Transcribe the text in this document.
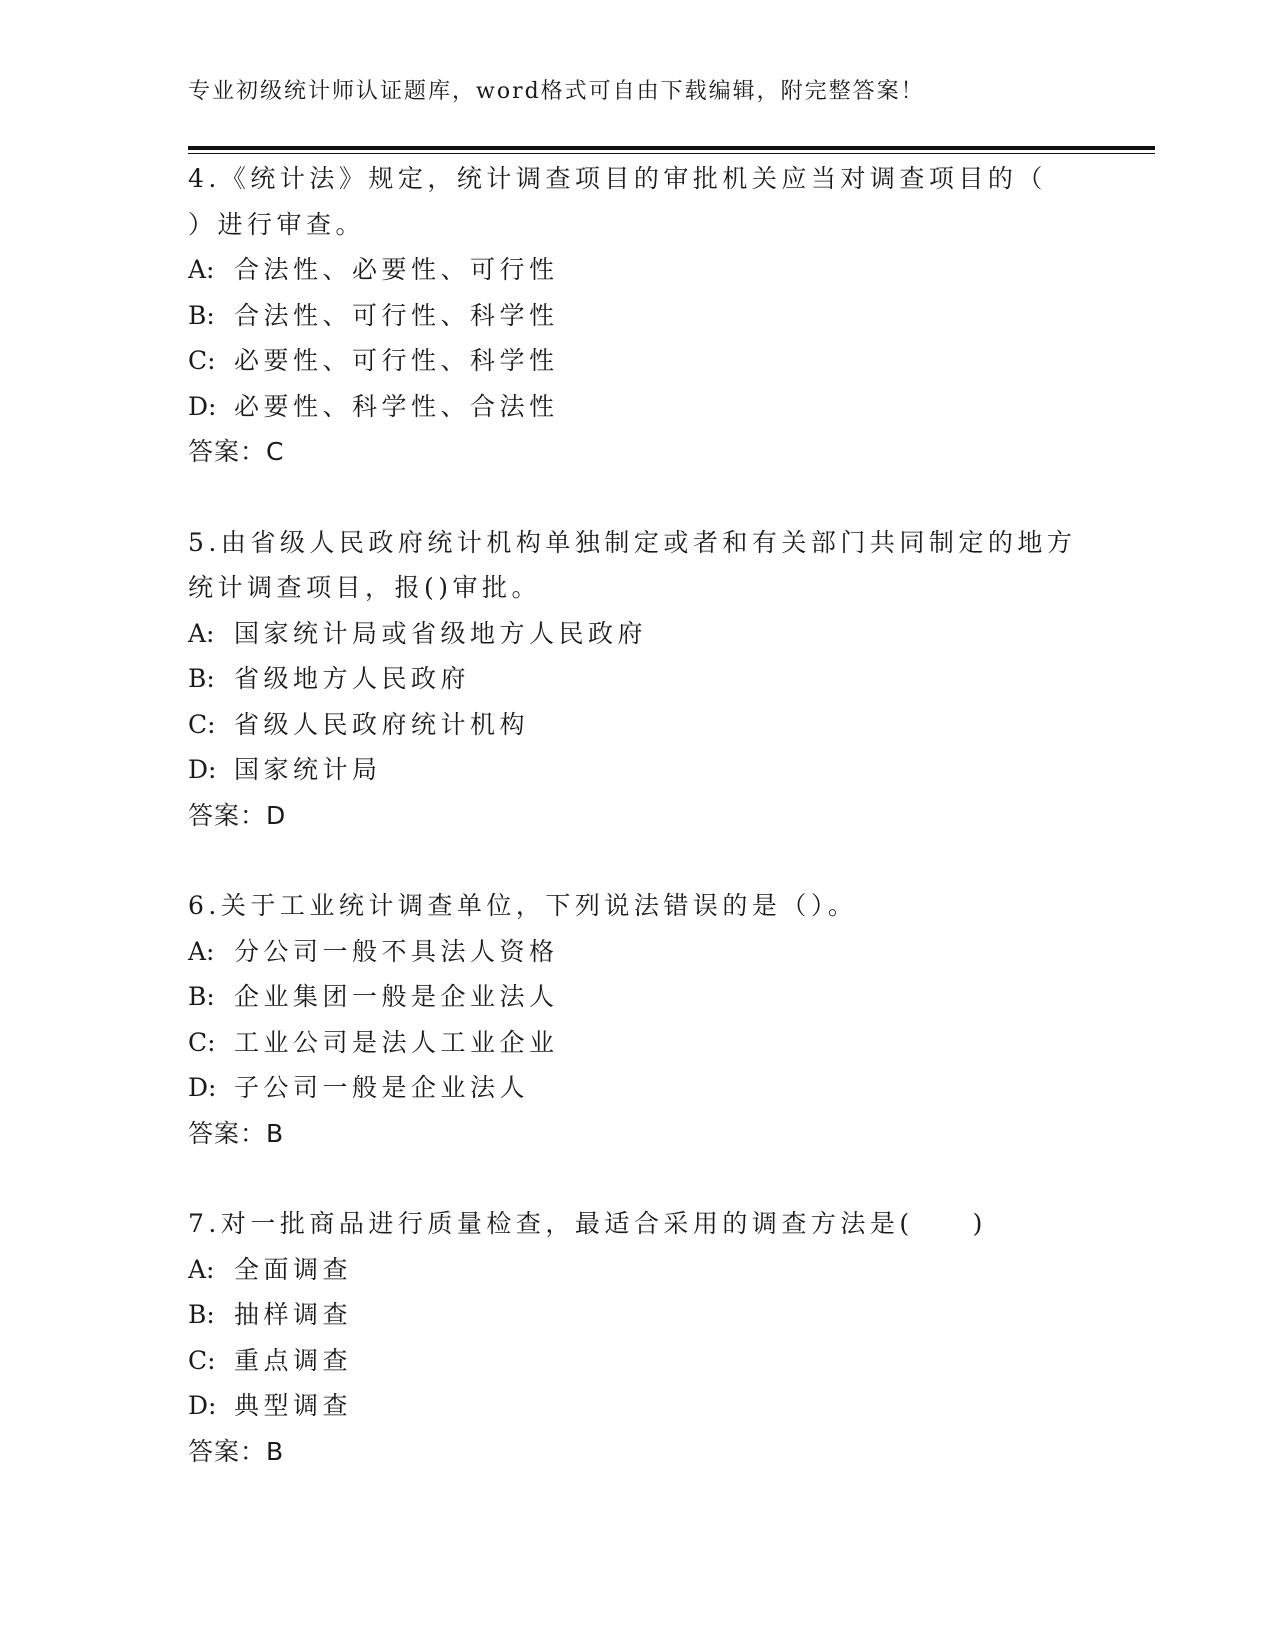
专业初级统计师认证题库，word格式可自由下载编辑，附完整答案！
4.《统计法》规定，统计调查项目的审批机关应当对调查项目的（
）进行审查。
A: 合法性、必要性、可行性
B: 合法性、可行性、科学性
C: 必要性、可行性、科学性
D: 必要性、科学性、合法性
答案：C
5.由省级人民政府统计机构单独制定或者和有关部门共同制定的地方
统计调查项目，报()审批。
A: 国家统计局或省级地方人民政府
B: 省级地方人民政府
C: 省级人民政府统计机构
D: 国家统计局
答案：D
6.关于工业统计调查单位，下列说法错误的是（）。
A: 分公司一般不具法人资格
B: 企业集团一般是企业法人
C: 工业公司是法人工业企业
D: 子公司一般是企业法人
答案：B
7.对一批商品进行质量检查，最适合采用的调查方法是(　　)
A: 全面调查
B: 抽样调查
C: 重点调查
D: 典型调查
答案：B
